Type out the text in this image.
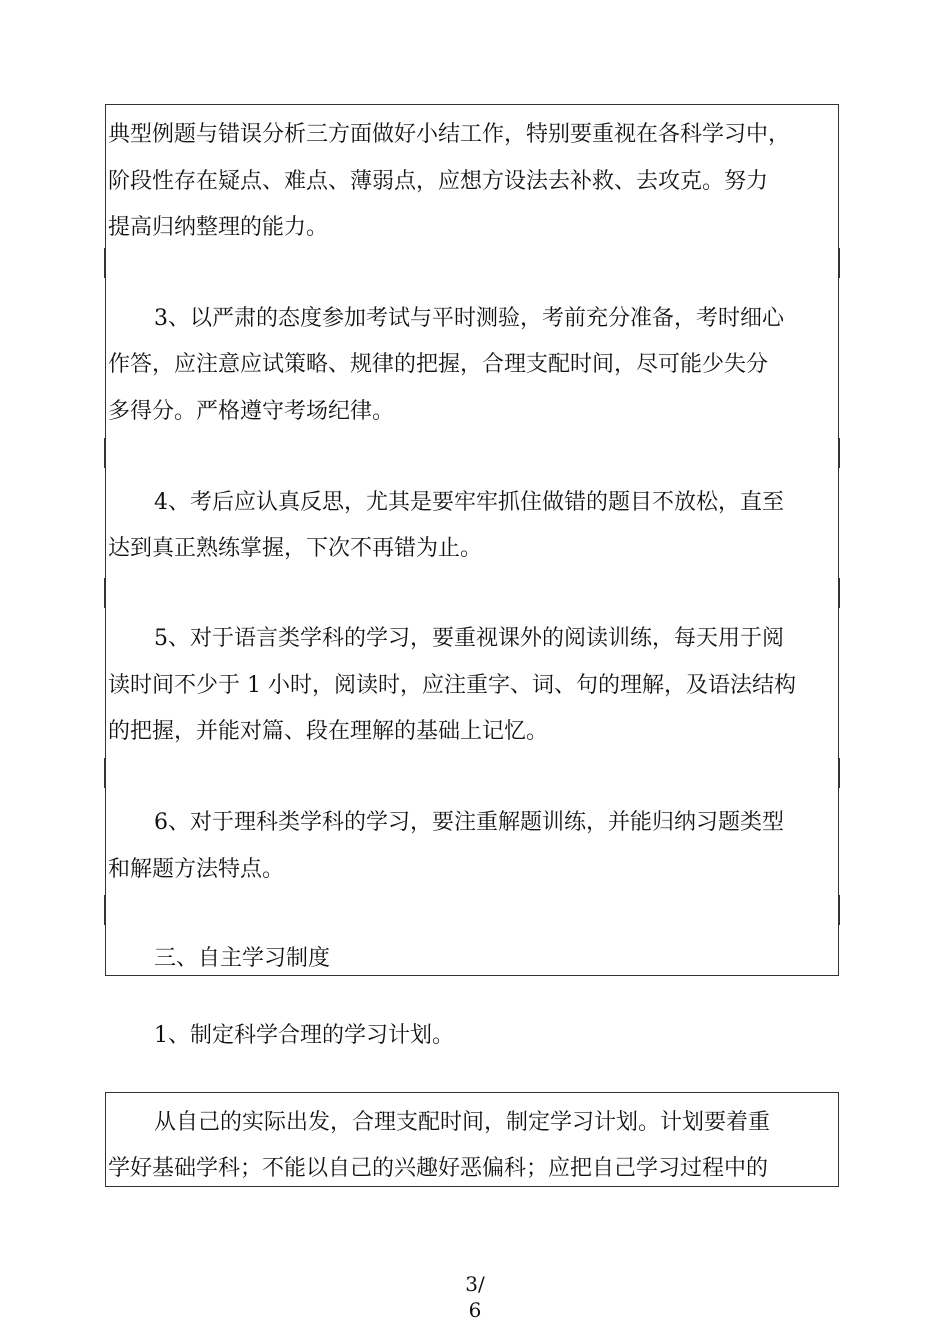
典型例题与错误分析三方面做好小结工作，特别要重视在各科学习中，
阶段性存在疑点、难点、薄弱点，应想方设法去补救、去攻克。努力
提高归纳整理的能力。
3、以严肃的态度参加考试与平时测验，考前充分准备，考时细心
作答，应注意应试策略、规律的把握，合理支配时间，尽可能少失分
多得分。严格遵守考场纪律。
4、考后应认真反思，尤其是要牢牢抓住做错的题目不放松，直至
达到真正熟练掌握，下次不再错为止。
5、对于语言类学科的学习，要重视课外的阅读训练，每天用于阅
读时间不少于 1 小时，阅读时，应注重字、词、句的理解，及语法结构
的把握，并能对篇、段在理解的基础上记忆。
6、对于理科类学科的学习，要注重解题训练，并能归纳习题类型
和解题方法特点。
三、自主学习制度
1、制定科学合理的学习计划。
从自己的实际出发，合理支配时间，制定学习计划。计划要着重
学好基础学科；不能以自己的兴趣好恶偏科；应把自己学习过程中的
3/
6
